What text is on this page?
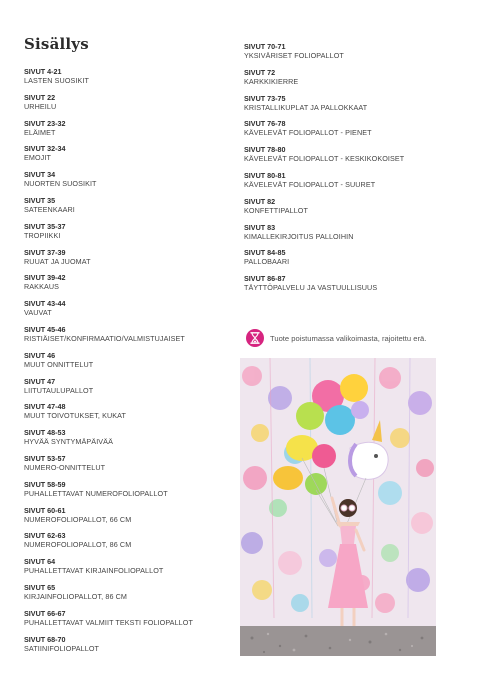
Sisällys
SIVUT 4-21
LASTEN SUOSIKIT
SIVUT 22
URHEILU
SIVUT 23-32
ELÄIMET
SIVUT 32-34
EMOJIT
SIVUT 34
NUORTEN SUOSIKIT
SIVUT 35
SATEENKAARI
SIVUT 35-37
TROPIIKKI
SIVUT 37-39
RUUAT JA JUOMAT
SIVUT 39-42
RAKKAUS
SIVUT 43-44
VAUVAT
SIVUT 45-46
RISTIÄISET/KONFIRMAATIO/VALMISTUJAISET
SIVUT 46
MUUT ONNITTELUT
SIVUT 47
LIITUTAULUPALLOT
SIVUT 47-48
MUUT TOIVOTUKSET, KUKAT
SIVUT 48-53
HYVÄÄ SYNTYMÄPÄIVÄÄ
SIVUT 53-57
NUMERO-ONNITTELUT
SIVUT 58-59
PUHALLETTAVAT NUMEROFOLIOPALLOT
SIVUT 60-61
NUMEROFOLIOPALLOT, 66 CM
SIVUT 62-63
NUMEROFOLIOPALLOT, 86 CM
SIVUT 64
PUHALLETTAVAT KIRJAINFOLIOPALLOT
SIVUT 65
KIRJAINFOLIOPALLOT, 86 CM
SIVUT 66-67
PUHALLETTAVAT VALMIIT TEKSTI FOLIOPALLOT
SIVUT 68-70
SATIINIFOLIOPALLOT
SIVUT 70-71
YKSIVÄRISET FOLIOPALLOT
SIVUT 72
KARKKIKIERRE
SIVUT 73-75
KRISTALLIKUPLAT JA PALLOKKAAT
SIVUT 76-78
KÄVELEVÄT FOLIOPALLOT - PIENET
SIVUT 78-80
KÄVELEVÄT FOLIOPALLOT - KESKIKOKOISET
SIVUT 80-81
KÄVELEVÄT FOLIOPALLOT - SUURET
SIVUT 82
KONFETTIPALLOT
SIVUT 83
KIMALLEKIRJOITUS PALLOIHIN
SIVUT 84-85
PALLOBAARI
SIVUT 86-87
TÄYTTÖPALVELU JA VASTUULLISUUS
Tuote poistumassa valikoimasta, rajoitettu erä.
